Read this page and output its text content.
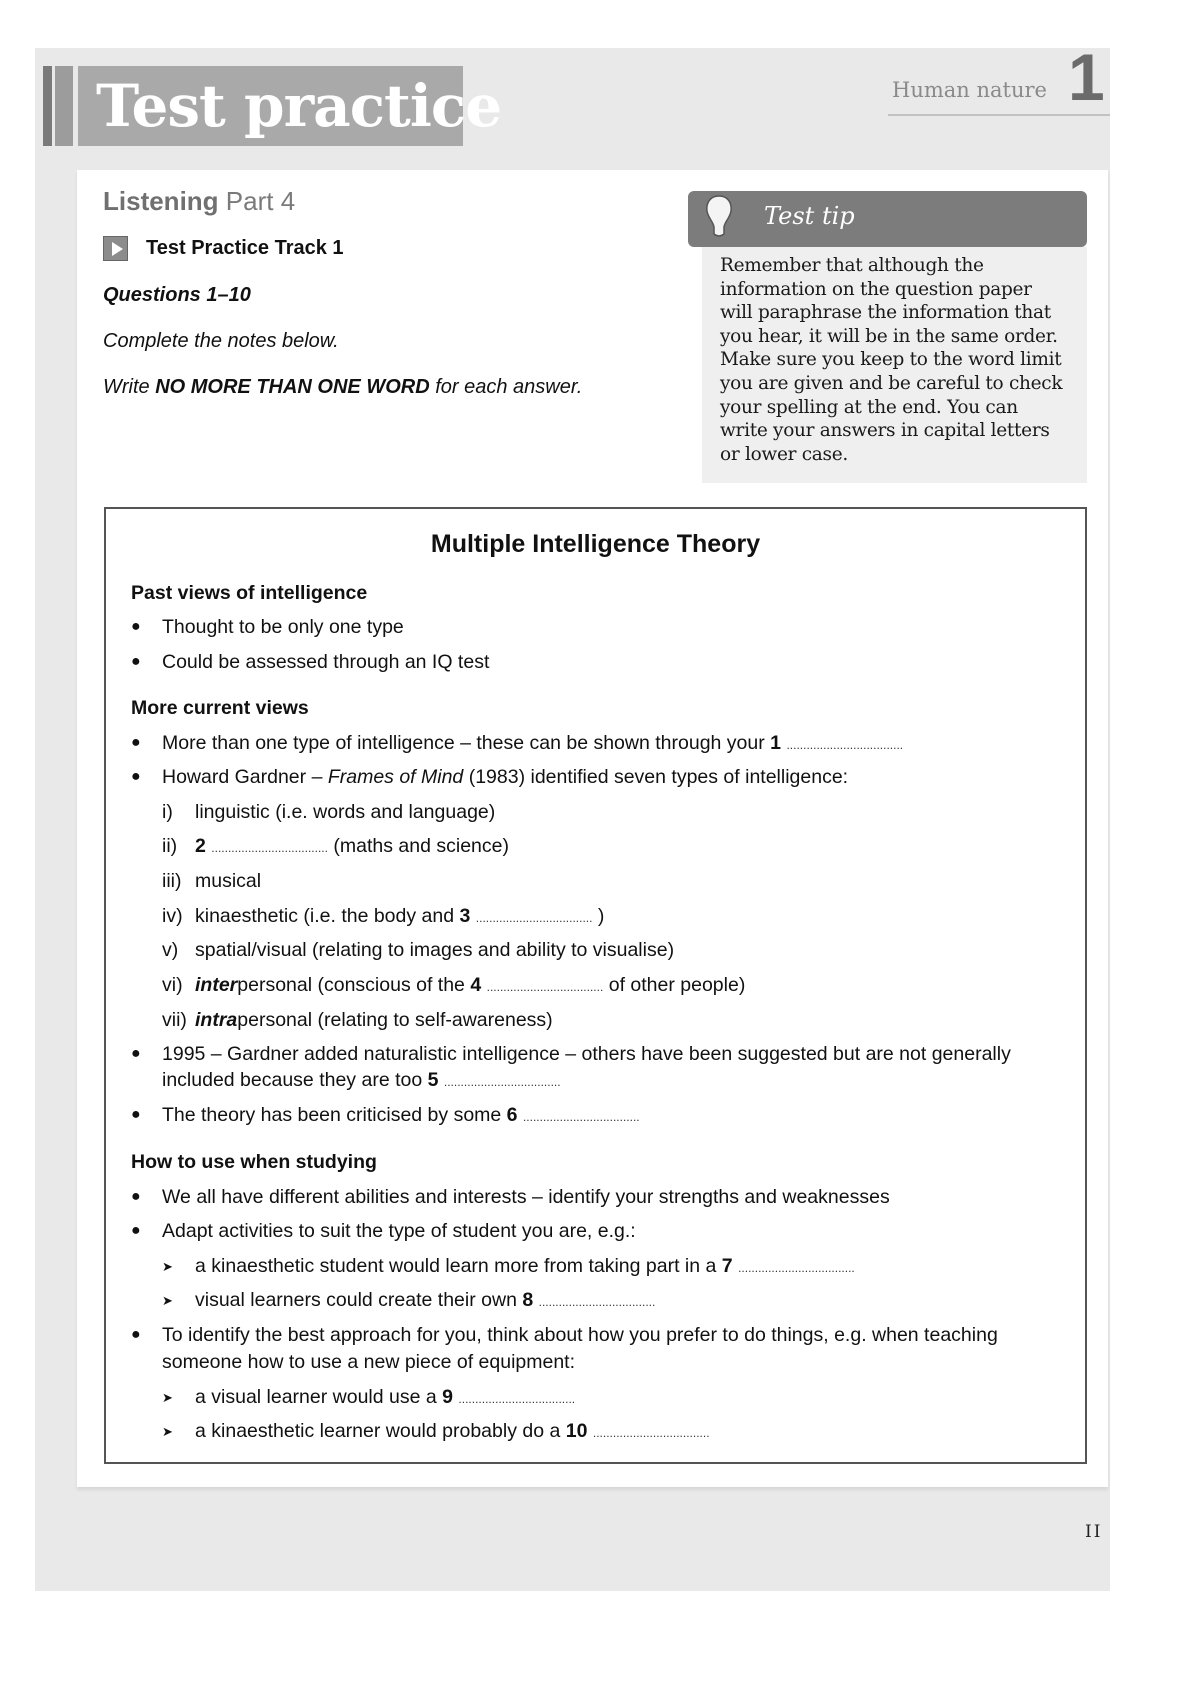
Test practice	Human nature 1
Listening Part 4
Test Practice Track 1
Questions 1–10
Complete the notes below.
Write NO MORE THAN ONE WORD for each answer.
Test tip
Remember that although the
information on the question paper
will paraphrase the information that
you hear, it will be in the same order.
Make sure you keep to the word limit
you are given and be careful to check
your spelling at the end. You can
write your answers in capital letters
or lower case.
Multiple Intelligence Theory
Past views of intelligence
● Thought to be only one type
● Could be assessed through an IQ test
More current views
● More than one type of intelligence – these can be shown through your 1 ...................................
● Howard Gardner – Frames of Mind (1983) identified seven types of intelligence:
i) linguistic (i.e. words and language)
ii) 2 ................................... (maths and science)
iii) musical
iv) kinaesthetic (i.e. the body and 3 ................................... )
v) spatial/visual (relating to images and ability to visualise)
vi) interpersonal (conscious of the 4 ................................... of other people)
vii) intrapersonal (relating to self-awareness)
● 1995 – Gardner added naturalistic intelligence – others have been suggested but are not generally
included because they are too 5 ...................................
● The theory has been criticised by some 6 ...................................
How to use when studying
● We all have different abilities and interests – identify your strengths and weaknesses
● Adapt activities to suit the type of student you are, e.g.:
➤ a kinaesthetic student would learn more from taking part in a 7 ...................................
➤ visual learners could create their own 8 ...................................
● To identify the best approach for you, think about how you prefer to do things, e.g. when teaching
someone how to use a new piece of equipment:
➤ a visual learner would use a 9 ...................................
➤ a kinaesthetic learner would probably do a 10 ...................................
II
